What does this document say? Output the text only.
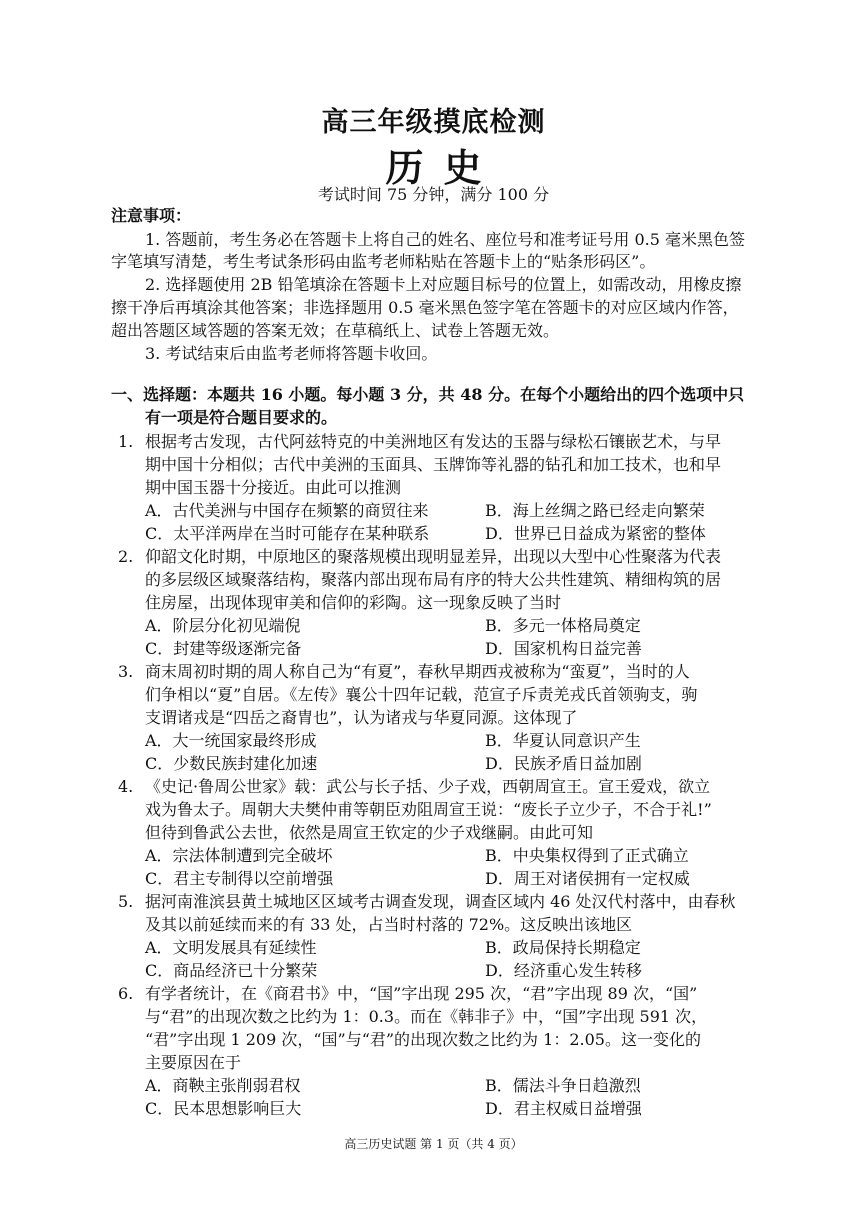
高三年级摸底检测
历史
考试时间 75 分钟，满分 100 分
注意事项：
1. 答题前，考生务必在答题卡上将自己的姓名、座位号和准考证号用 0.5 毫米黑色签
字笔填写清楚，考生考试条形码由监考老师粘贴在答题卡上的“贴条形码区”。
2. 选择题使用 2B 铅笔填涂在答题卡上对应题目标号的位置上，如需改动，用橡皮擦
擦干净后再填涂其他答案；非选择题用 0.5 毫米黑色签字笔在答题卡的对应区域内作答，
超出答题区域答题的答案无效；在草稿纸上、试卷上答题无效。
3. 考试结束后由监考老师将答题卡收回。
一、选择题：本题共 16 小题。每小题 3 分，共 48 分。在每个小题给出的四个选项中只
有一项是符合题目要求的。
1. 根据考古发现，古代阿兹特克的中美洲地区有发达的玉器与绿松石镶嵌艺术，与早
期中国十分相似；古代中美洲的玉面具、玉牌饰等礼器的钻孔和加工技术，也和早
期中国玉器十分接近。由此可以推测
A．古代美洲与中国存在频繁的商贸往来	B．海上丝绸之路已经走向繁荣
C．太平洋两岸在当时可能存在某种联系	D．世界已日益成为紧密的整体
2. 仰韶文化时期，中原地区的聚落规模出现明显差异，出现以大型中心性聚落为代表
的多层级区域聚落结构，聚落内部出现布局有序的特大公共性建筑、精细构筑的居
住房屋，出现体现审美和信仰的彩陶。这一现象反映了当时
A．阶层分化初见端倪	B．多元一体格局奠定
C．封建等级逐渐完备	D．国家机构日益完善
3. 商末周初时期的周人称自己为“有夏”，春秋早期西戎被称为“蛮夏”，当时的人
们争相以“夏”自居。《左传》襄公十四年记载，范宣子斥责羌戎氏首领驹支，驹
支谓诸戎是“四岳之裔胄也”，认为诸戎与华夏同源。这体现了
A．大一统国家最终形成	B．华夏认同意识产生
C．少数民族封建化加速	D．民族矛盾日益加剧
4. 《史记·鲁周公世家》载：武公与长子括、少子戏，西朝周宣王。宣王爱戏，欲立
戏为鲁太子。周朝大夫樊仲甫等朝臣劝阻周宣王说：“废长子立少子，不合于礼!”
但待到鲁武公去世，依然是周宣王钦定的少子戏继嗣。由此可知
A．宗法体制遭到完全破坏	B．中央集权得到了正式确立
C．君主专制得以空前增强	D．周王对诸侯拥有一定权威
5. 据河南淮滨县黄土城地区区域考古调查发现，调查区域内 46 处汉代村落中，由春秋
及其以前延续而来的有 33 处，占当时村落的 72%。这反映出该地区
A．文明发展具有延续性	B．政局保持长期稳定
C．商品经济已十分繁荣	D．经济重心发生转移
6. 有学者统计，在《商君书》中，“国”字出现 295 次，“君”字出现 89 次，“国”
与“君”的出现次数之比约为 1：0.3。而在《韩非子》中，“国”字出现 591 次，
“君”字出现 1 209 次，“国”与“君”的出现次数之比约为 1：2.05。这一变化的
主要原因在于
A．商鞅主张削弱君权	B．儒法斗争日趋激烈
C．民本思想影响巨大	D．君主权威日益增强
高三历史试题 第 1 页（共 4 页）
